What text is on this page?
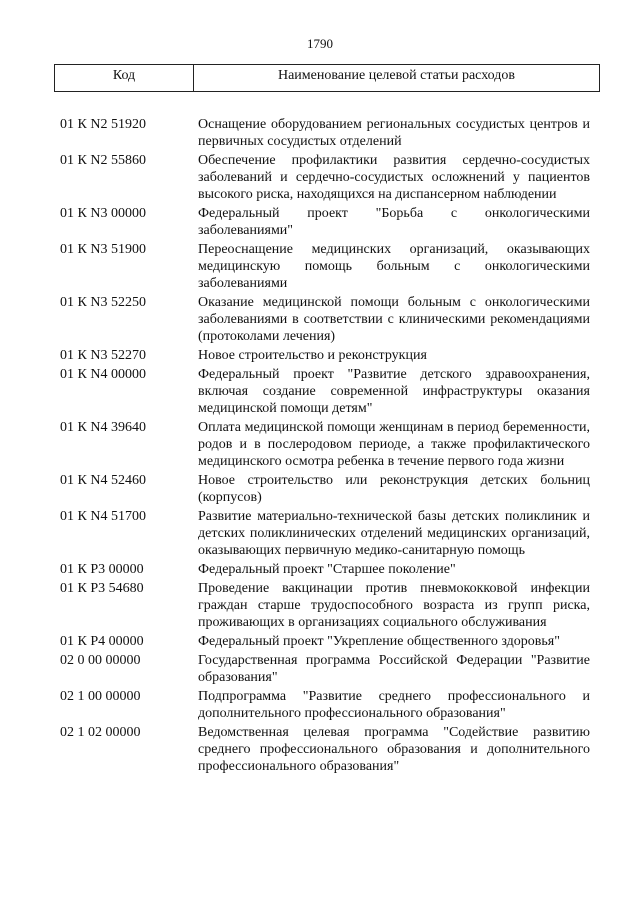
1790
Код	Наименование целевой статьи расходов
01 К N2 51920	Оснащение оборудованием региональных сосудистых центров и первичных сосудистых отделений
01 К N2 55860	Обеспечение профилактики развития сердечно-сосудистых заболеваний и сердечно-сосудистых осложнений у пациентов высокого риска, находящихся на диспансерном наблюдении
01 К N3 00000	Федеральный проект "Борьба с онкологическими заболеваниями"
01 К N3 51900	Переоснащение медицинских организаций, оказывающих медицинскую помощь больным с онкологическими заболеваниями
01 К N3 52250	Оказание медицинской помощи больным с онкологическими заболеваниями в соответствии с клиническими рекомендациями (протоколами лечения)
01 К N3 52270	Новое строительство и реконструкция
01 К N4 00000	Федеральный проект "Развитие детского здравоохранения, включая создание современной инфраструктуры оказания медицинской помощи детям"
01 К N4 39640	Оплата медицинской помощи женщинам в период беременности, родов и в послеродовом периоде, а также профилактического медицинского осмотра ребенка в течение первого года жизни
01 К N4 52460	Новое строительство или реконструкция детских больниц (корпусов)
01 К N4 51700	Развитие материально-технической базы детских поликлиник и детских поликлинических отделений медицинских организаций, оказывающих первичную медико-санитарную помощь
01 К P3 00000	Федеральный проект "Старшее поколение"
01 К P3 54680	Проведение вакцинации против пневмококковой инфекции граждан старше трудоспособного возраста из групп риска, проживающих в организациях социального обслуживания
01 К P4 00000	Федеральный проект "Укрепление общественного здоровья"
02 0 00 00000	Государственная программа Российской Федерации "Развитие образования"
02 1 00 00000	Подпрограмма "Развитие среднего профессионального и дополнительного профессионального образования"
02 1 02 00000	Ведомственная целевая программа "Содействие развитию среднего профессионального образования и дополнительного профессионального образования"
